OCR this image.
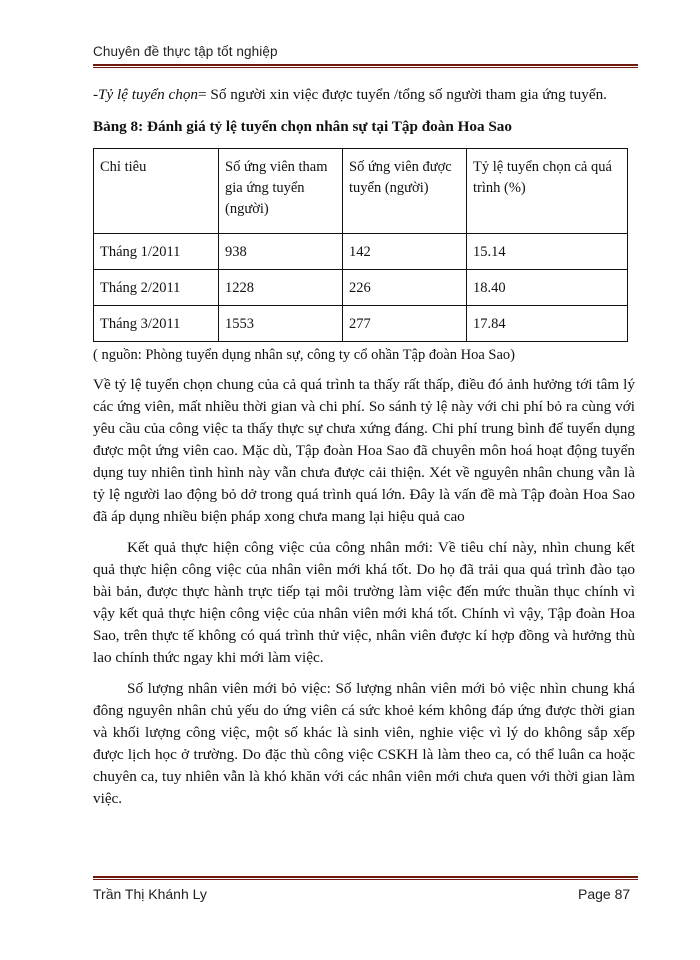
Chuyên đề thực tập tốt nghiệp

-Tỷ lệ tuyển chọn= Số người xin việc được tuyển /tổng số người tham gia ứng tuyển.

Bảng 8: Đánh giá tỷ lệ tuyển chọn nhân sự tại Tập đoàn Hoa Sao
Chỉ tiêu	Số ứng viên tham gia ứng tuyển (người)	Số ứng viên được tuyển (người)	Tỷ lệ tuyển chọn cả quá trình (%)
Tháng 1/2011	938	142	15.14
Tháng 2/2011	1228	226	18.40
Tháng 3/2011	1553	277	17.84
( nguồn: Phòng tuyển dụng nhân sự, công ty cổ ohần Tập đoàn Hoa Sao)

Về tỷ lệ tuyển chọn chung của cả quá trình ta thấy rất thấp, điều đó ảnh hưởng tới tâm lý các ứng viên, mất nhiều thời gian và chi phí. So sánh tỷ lệ này với chi phí bỏ ra cùng với yêu cầu của công việc ta thấy thực sự chưa xứng đáng. Chi phí trung bình để tuyển dụng được một ứng viên cao. Mặc dù, Tập đoàn Hoa Sao đã chuyên môn hoá hoạt động tuyển dụng tuy nhiên tình hình này vẫn chưa được cải thiện. Xét về nguyên nhân chung vẫn là tỷ lệ người lao động bỏ dở trong quá trình quá lớn. Đây là vấn đề mà Tập đoàn Hoa Sao đã áp dụng nhiều biện pháp xong chưa mang lại hiệu quả cao

Kết quả thực hiện công việc của công nhân mới: Về tiêu chí này, nhìn chung kết quả thực hiện công việc của nhân viên mới khá tốt. Do họ đã trải qua quá trình đào tạo bài bản, được thực hành trực tiếp tại môi trường làm việc đến mức thuần thục chính vì vậy kết quả thực hiện công việc của nhân viên mới khá tốt. Chính vì vậy, Tập đoàn Hoa Sao, trên thực tế không có quá trình thử việc, nhân viên được kí hợp đồng và hưởng thù lao chính thức ngay khi mới làm việc.

Số lượng nhân viên mới bỏ việc: Số lượng nhân viên mới bỏ việc nhìn chung khá đông nguyên nhân chủ yếu do ứng viên cá sức khoẻ kém không đáp ứng được thời gian và khối lượng công việc, một số khác là sinh viên, nghie việc vì lý do không sắp xếp được lịch học ở trường. Do đặc thù công việc CSKH là làm theo ca, có thể luân ca hoặc chuyên ca, tuy nhiên vẫn là khó khăn với các nhân viên mới chưa quen với thời gian làm việc.

Trần Thị Khánh Ly	Page 87
